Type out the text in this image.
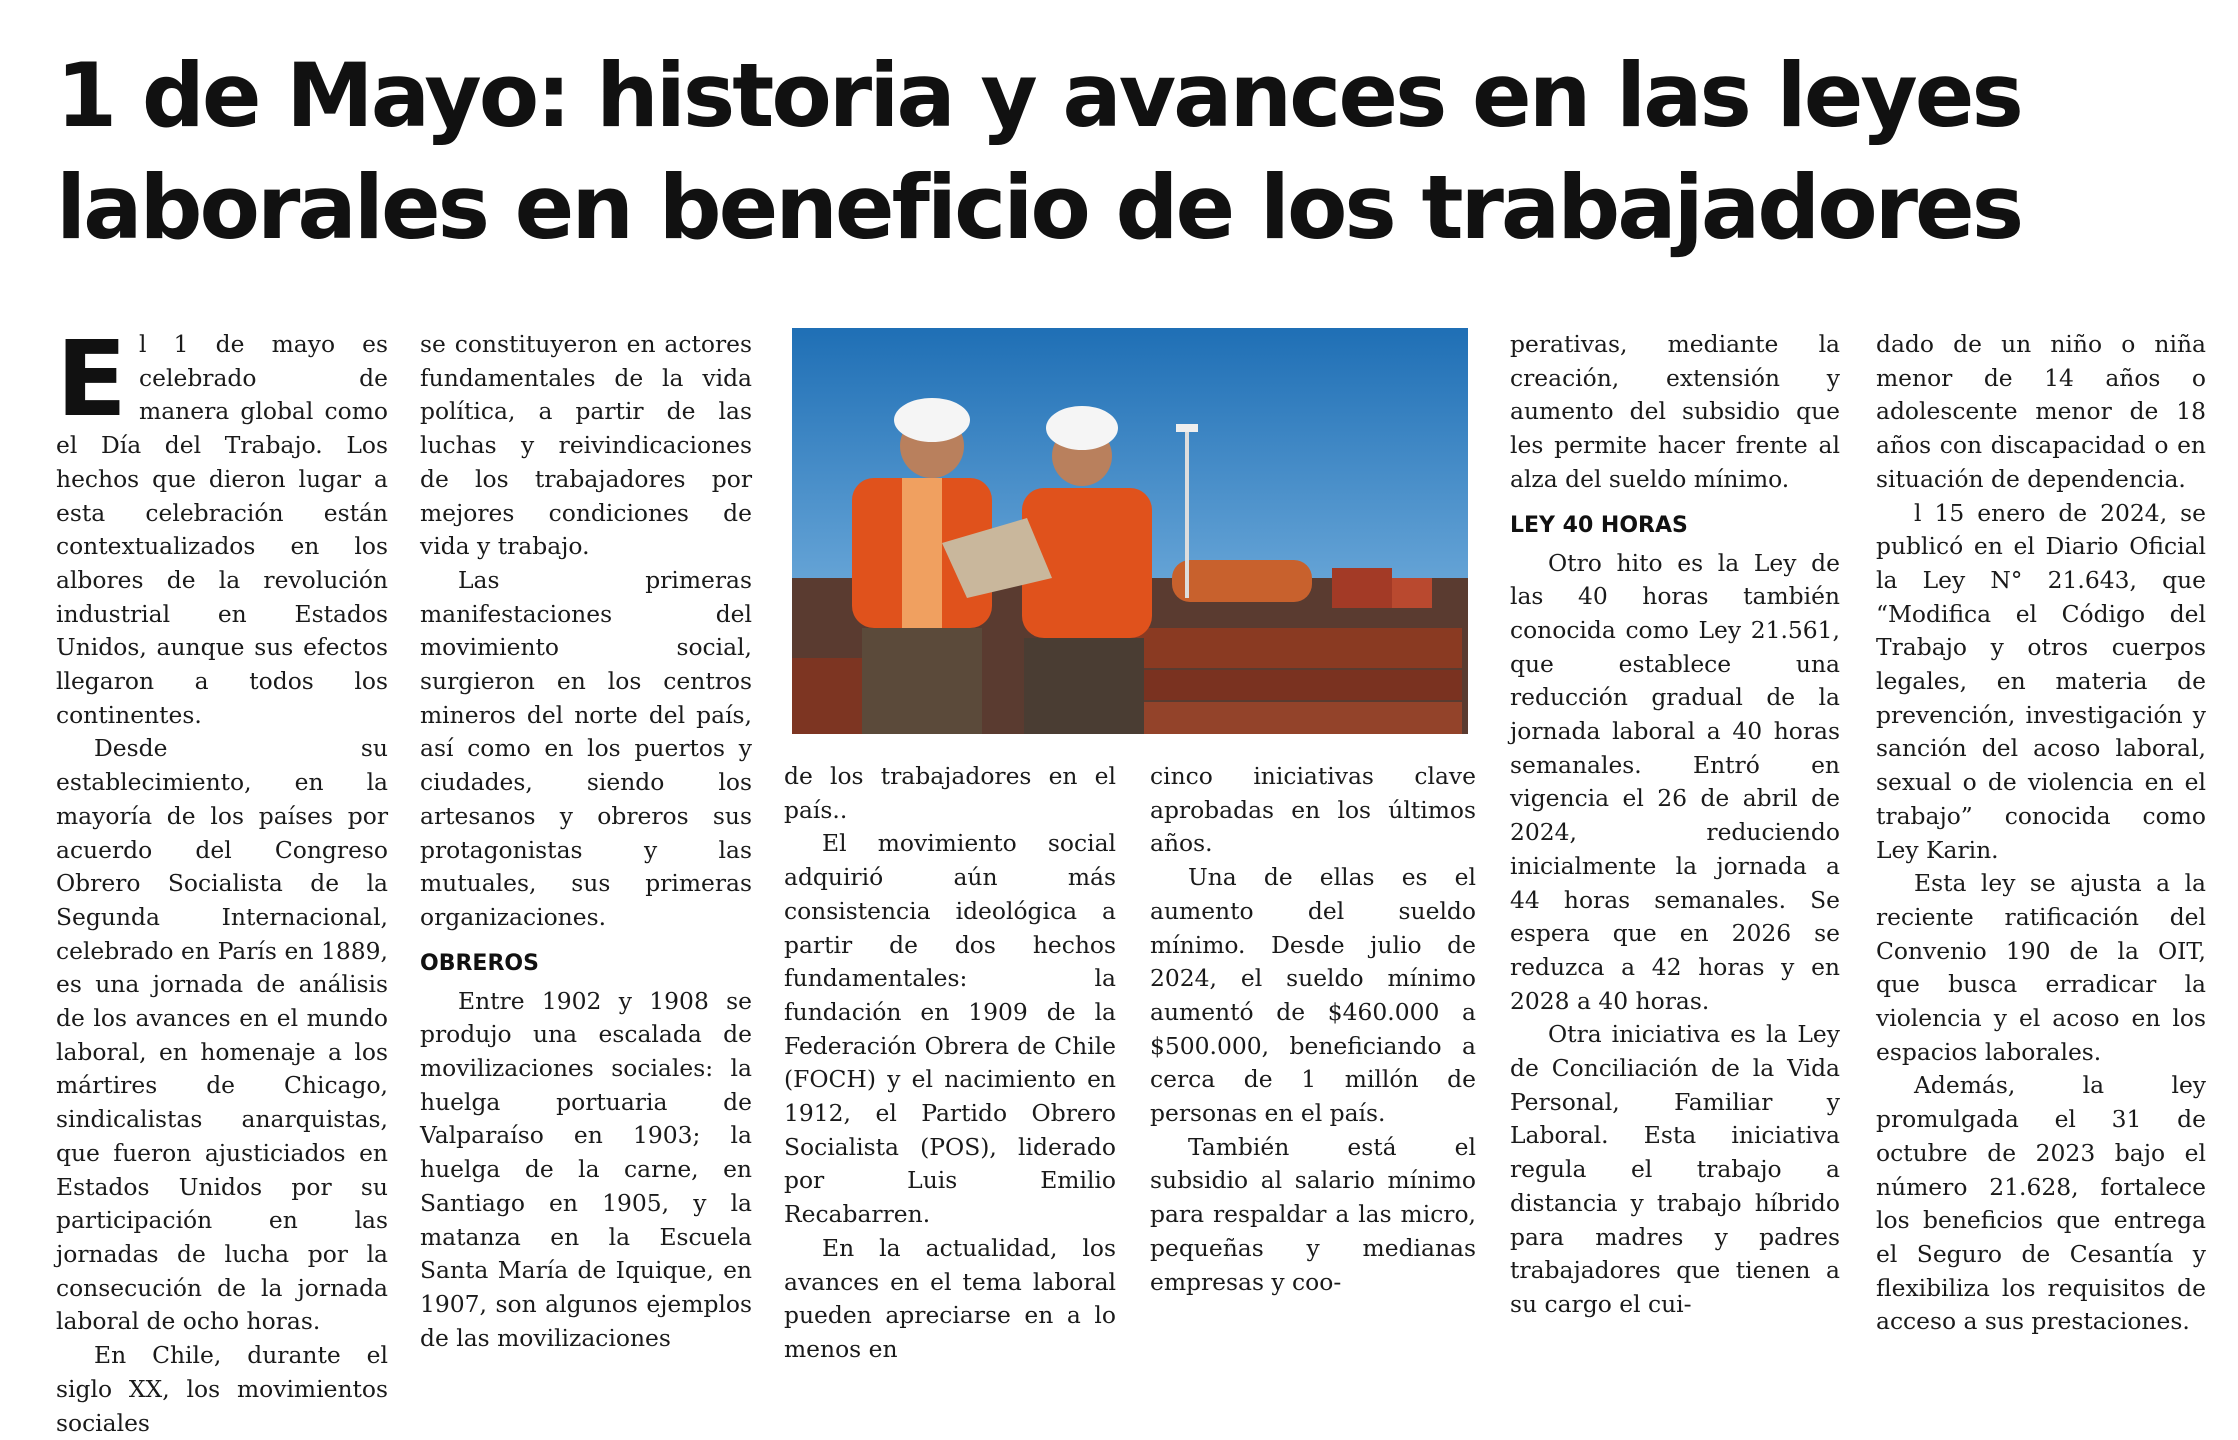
1 de Mayo: historia y avances en las leyes
laborales en beneficio de los trabajadores
E l 1 de mayo es celebrado de manera global como el Día del Trabajo. Los hechos que dieron lugar a esta celebración están contextualizados en los albores de la revolución industrial en Estados Unidos, aunque sus efectos llegaron a todos los continentes.

Desde su establecimiento, en la mayoría de los países por acuerdo del Congreso Obrero Socialista de la Segunda Internacional, celebrado en París en 1889, es una jornada de análisis de los avances en el mundo laboral, en homenaje a los mártires de Chicago, sindicalistas anarquistas, que fueron ajusticiados en Estados Unidos por su participación en las jornadas de lucha por la consecución de la jornada laboral de ocho horas.

En Chile, durante el siglo XX, los movimientos sociales

se constituyeron en actores fundamentales de la vida política, a partir de las luchas y reivindicaciones de los trabajadores por mejores condiciones de vida y trabajo.

Las primeras manifestaciones del movimiento social, surgieron en los centros mineros del norte del país, así como en los puertos y ciudades, siendo los artesanos y obreros sus protagonistas y las mutuales, sus primeras organizaciones.

OBREROS

Entre 1902 y 1908 se produjo una escalada de movilizaciones sociales: la huelga portuaria de Valparaíso en 1903; la huelga de la carne, en Santiago en 1905, y la matanza en la Escuela Santa María de Iquique, en 1907, son algunos ejemplos de las movilizaciones

de los trabajadores en el país..

El movimiento social adquirió aún más consistencia ideológica a partir de dos hechos fundamentales: la fundación en 1909 de la Federación Obrera de Chile (FOCH) y el nacimiento en 1912, el Partido Obrero Socialista (POS), liderado por Luis Emilio Recabarren.

En la actualidad, los avances en el tema laboral pueden apreciarse en a lo menos en

cinco iniciativas clave aprobadas en los últimos años.

Una de ellas es el aumento del sueldo mínimo. Desde julio de 2024, el sueldo mínimo aumentó de $460.000 a $500.000, beneficiando a cerca de 1 millón de personas en el país.

También está el subsidio al salario mínimo para respaldar a las micro, pequeñas y medianas empresas y coo-

perativas, mediante la creación, extensión y aumento del subsidio que les permite hacer frente al alza del sueldo mínimo.

LEY 40 HORAS

Otro hito es la Ley de las 40 horas también conocida como Ley 21.561, que establece una reducción gradual de la jornada laboral a 40 horas semanales. Entró en vigencia el 26 de abril de 2024, reduciendo inicialmente la jornada a 44 horas semanales. Se espera que en 2026 se reduzca a 42 horas y en 2028 a 40 horas.

Otra iniciativa es la Ley de Conciliación de la Vida Personal, Familiar y Laboral. Esta iniciativa regula el trabajo a distancia y trabajo híbrido para madres y padres trabajadores que tienen a su cargo el cui-

dado de un niño o niña menor de 14 años o adolescente menor de 18 años con discapacidad o en situación de dependencia.

l 15 enero de 2024, se publicó en el Diario Oficial la Ley N° 21.643, que “Modifica el Código del Trabajo y otros cuerpos legales, en materia de prevención, investigación y sanción del acoso laboral, sexual o de violencia en el trabajo” conocida como Ley Karin.

Esta ley se ajusta a la reciente ratificación del Convenio 190 de la OIT, que busca erradicar la violencia y el acoso en los espacios laborales.

Además, la ley promulgada el 31 de octubre de 2023 bajo el número 21.628, fortalece los beneficios que entrega el Seguro de Cesantía y flexibiliza los requisitos de acceso a sus prestaciones.
